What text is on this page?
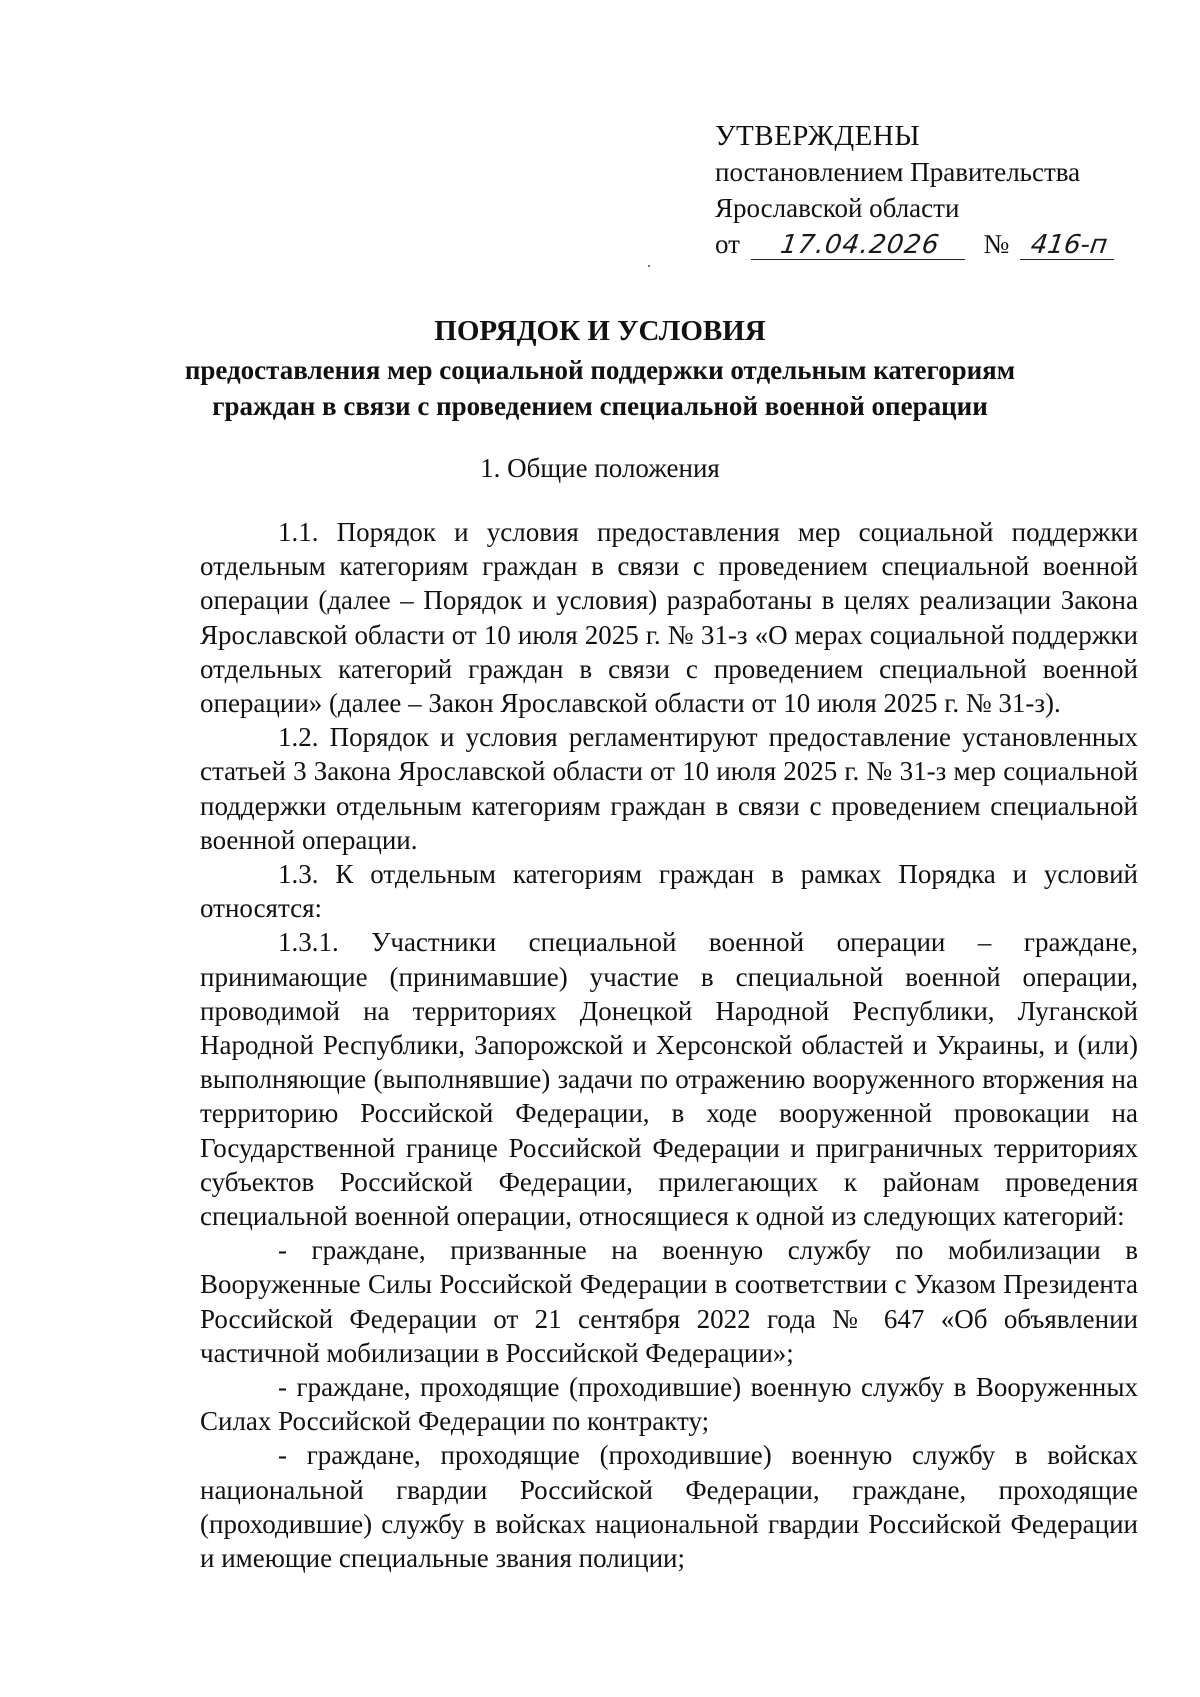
УТВЕРЖДЕНЫ
постановлением Правительства
Ярославской области
от 17.04.2026 № 416-п
ПОРЯДОК И УСЛОВИЯ
предоставления мер социальной поддержки отдельным категориям
граждан в связи с проведением специальной военной операции
1. Общие положения

1.1. Порядок и условия предоставления мер социальной поддержки отдельным категориям граждан в связи с проведением специальной военной операции (далее – Порядок и условия) разработаны в целях реализации Закона Ярославской области от 10 июля 2025 г. № 31-з «О мерах социальной поддержки отдельных категорий граждан в связи с проведением специальной военной операции» (далее – Закон Ярославской области от 10 июля 2025 г. № 31-з).

1.2. Порядок и условия регламентируют предоставление установленных статьей 3 Закона Ярославской области от 10 июля 2025 г. № 31-з мер социальной поддержки отдельным категориям граждан в связи с проведением специальной военной операции.

1.3. К отдельным категориям граждан в рамках Порядка и условий относятся:

1.3.1. Участники специальной военной операции – граждане, принимающие (принимавшие) участие в специальной военной операции, проводимой на территориях Донецкой Народной Республики, Луганской Народной Республики, Запорожской и Херсонской областей и Украины, и (или) выполняющие (выполнявшие) задачи по отражению вооруженного вторжения на территорию Российской Федерации, в ходе вооруженной провокации на Государственной границе Российской Федерации и приграничных территориях субъектов Российской Федерации, прилегающих к районам проведения специальной военной операции, относящиеся к одной из следующих категорий:

- граждане, призванные на военную службу по мобилизации в Вооруженные Силы Российской Федерации в соответствии с Указом Президента Российской Федерации от 21 сентября 2022 года № 647 «Об объявлении частичной мобилизации в Российской Федерации»;

- граждане, проходящие (проходившие) военную службу в Вооруженных Силах Российской Федерации по контракту;

- граждане, проходящие (проходившие) военную службу в войсках национальной гвардии Российской Федерации, граждане, проходящие (проходившие) службу в войсках национальной гвардии Российской Федерации и имеющие специальные звания полиции;
